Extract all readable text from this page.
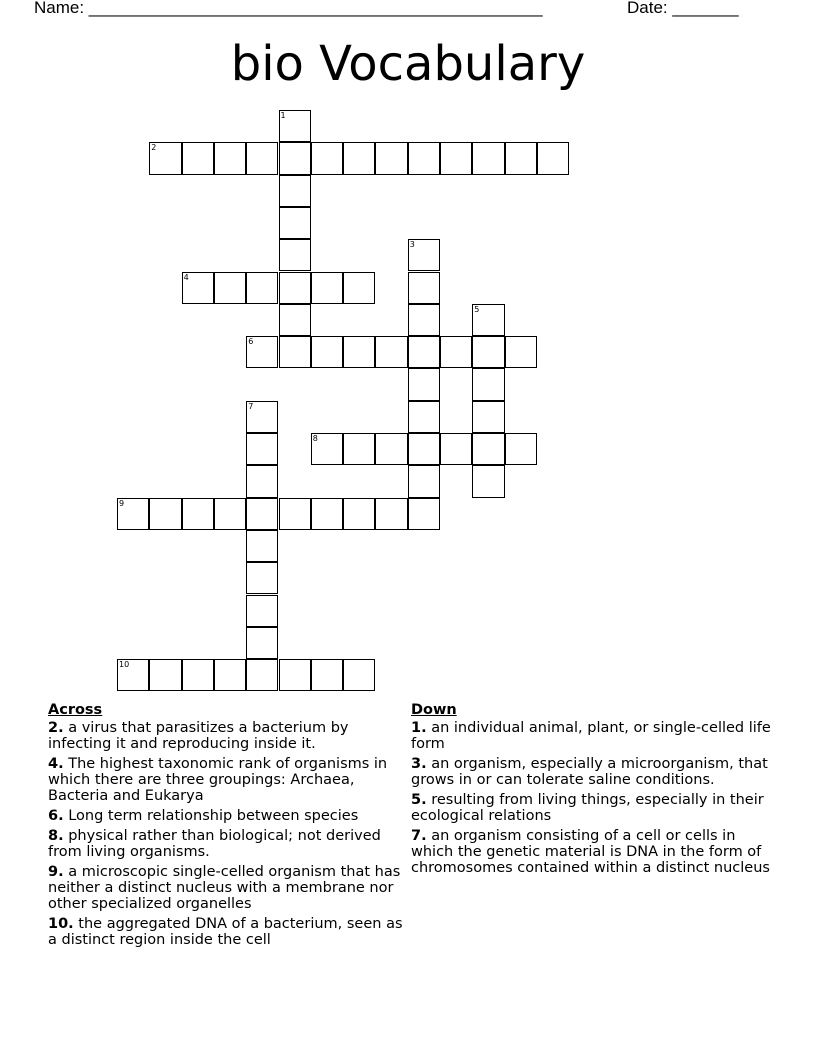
Name: ________________________________________________	Date: _______
bio Vocabulary
1
2
3
4
5
6
7
8
9
10
Across
2. a virus that parasitizes a bacterium by infecting it and reproducing inside it.
4. The highest taxonomic rank of organisms in which there are three groupings: Archaea, Bacteria and Eukarya
6. Long term relationship between species
8. physical rather than biological; not derived from living organisms.
9. a microscopic single-celled organism that has neither a distinct nucleus with a membrane nor other specialized organelles
10. the aggregated DNA of a bacterium, seen as a distinct region inside the cell
Down
1. an individual animal, plant, or single-celled life form
3. an organism, especially a microorganism, that grows in or can tolerate saline conditions.
5. resulting from living things, especially in their ecological relations
7. an organism consisting of a cell or cells in which the genetic material is DNA in the form of chromosomes contained within a distinct nucleus
